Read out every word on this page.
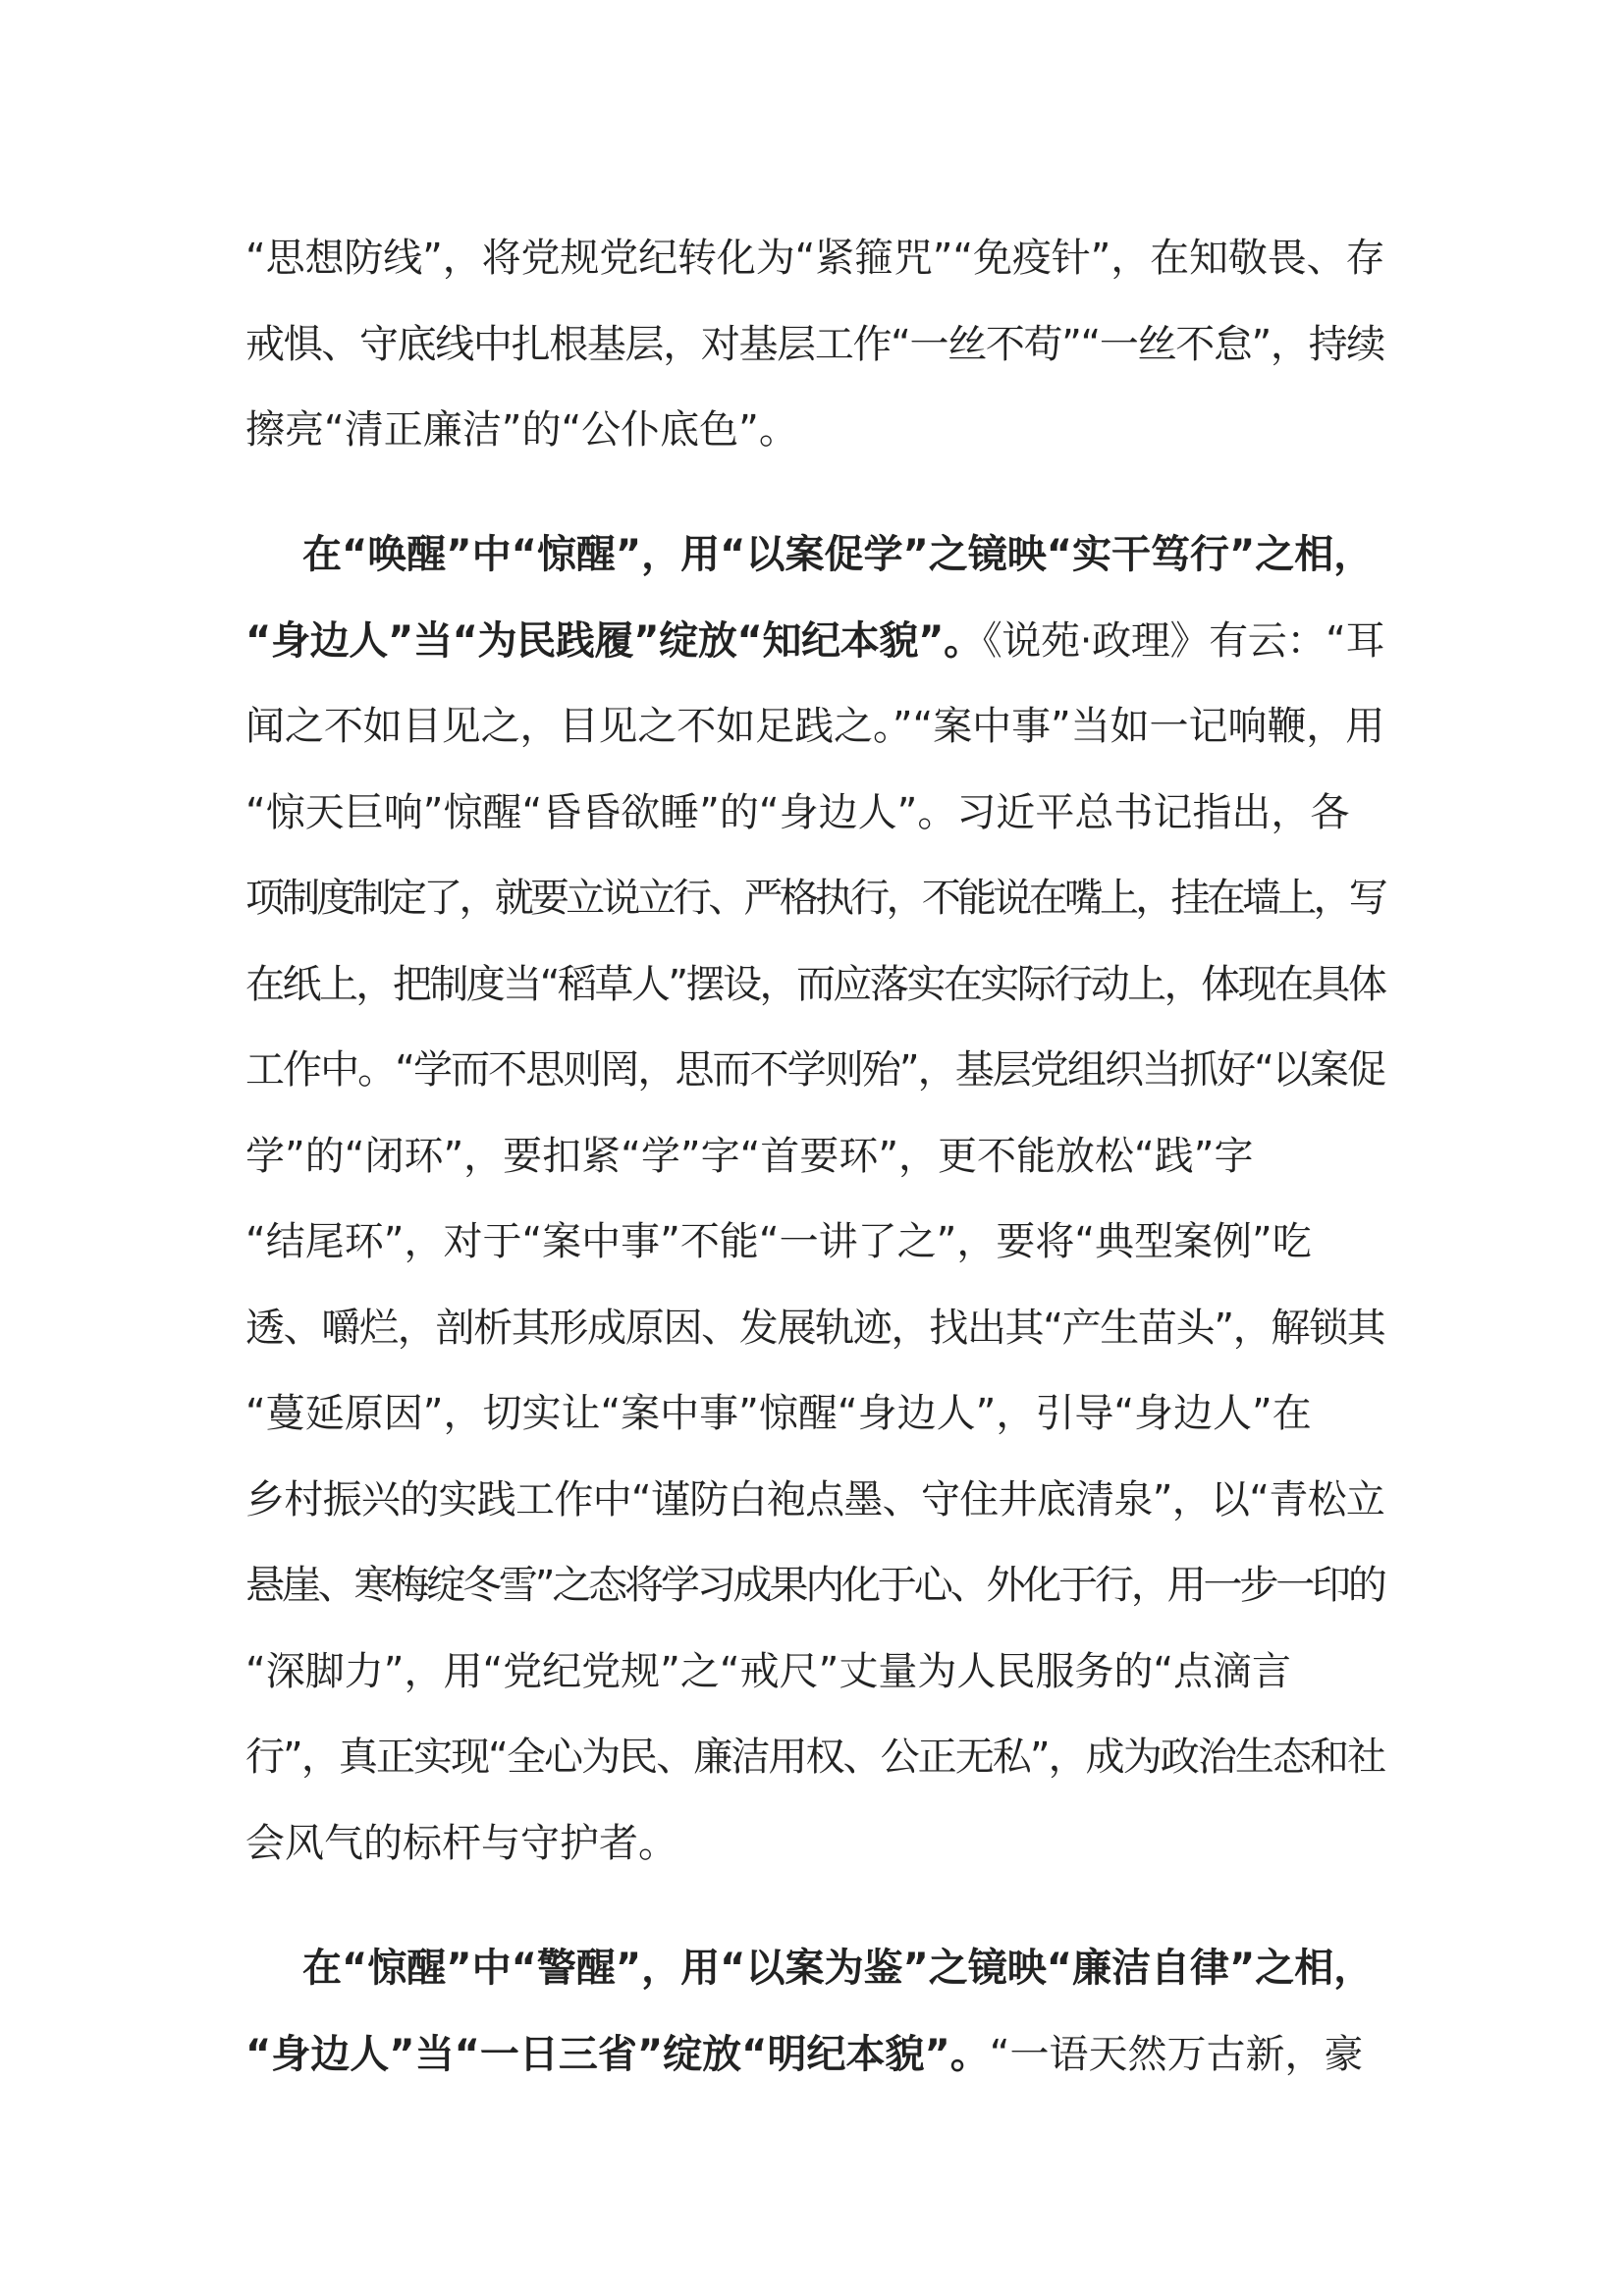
“思想防线”，将党规党纪转化为“紧箍咒”“免疫针”，在知敬畏、存
戒惧、守底线中扎根基层，对基层工作“一丝不苟”“一丝不怠”，持续
擦亮“清正廉洁”的“公仆底色”。
在“唤醒”中“惊醒”，用“以案促学”之镜映“实干笃行”之相，
“身边人”当“为民践履”绽放“知纪本貌”。《说苑·政理》有云：“耳
闻之不如目见之，目见之不如足践之。”“案中事”当如一记响鞭，用
“惊天巨响”惊醒“昏昏欲睡”的“身边人”。习近平总书记指出，各
项制度制定了，就要立说立行、严格执行，不能说在嘴上，挂在墙上，写
在纸上，把制度当“稻草人”摆设，而应落实在实际行动上，体现在具体
工作中。“学而不思则罔，思而不学则殆”，基层党组织当抓好“以案促
学”的“闭环”，要扣紧“学”字“首要环”，更不能放松“践”字
“结尾环”，对于“案中事”不能“一讲了之”，要将“典型案例”吃
透、嚼烂，剖析其形成原因、发展轨迹，找出其“产生苗头”，解锁其
“蔓延原因”，切实让“案中事”惊醒“身边人”，引导“身边人”在
乡村振兴的实践工作中“谨防白袍点墨、守住井底清泉”，以“青松立
悬崖、寒梅绽冬雪”之态将学习成果内化于心、外化于行，用一步一印的
“深脚力”，用“党纪党规”之“戒尺”丈量为人民服务的“点滴言
行”，真正实现“全心为民、廉洁用权、公正无私”，成为政治生态和社
会风气的标杆与守护者。
在“惊醒”中“警醒”，用“以案为鉴”之镜映“廉洁自律”之相，
“身边人”当“一日三省”绽放“明纪本貌”。“一语天然万古新，豪
